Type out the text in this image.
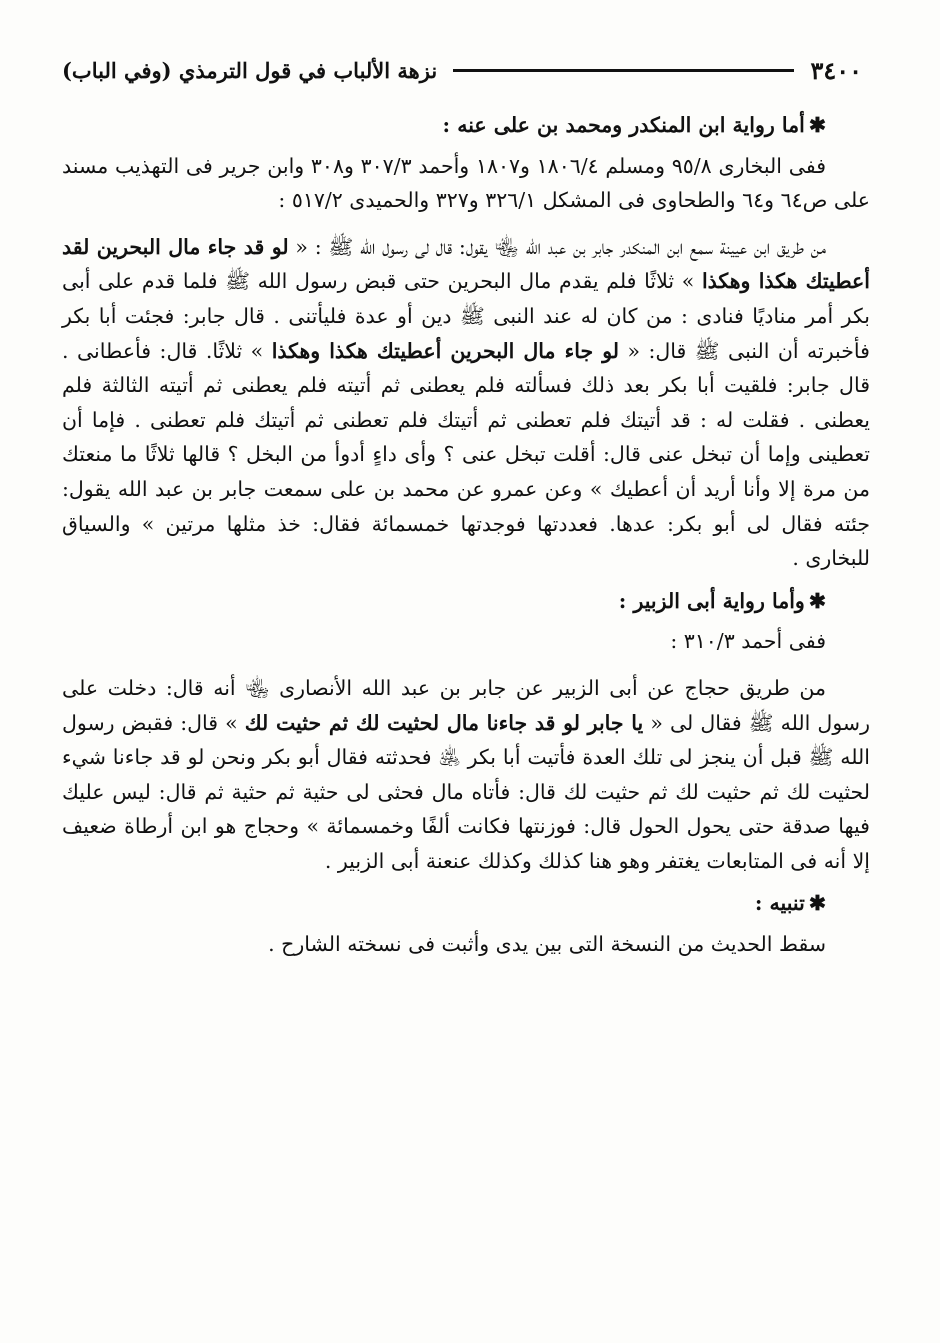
٣٤٠٠
نزهة الألباب في قول الترمذي (وفي الباب)

✱أما رواية ابن المنكدر ومحمد بن على عنه :

ففى البخارى ٩٥/٨ ومسلم ١٨٠٦/٤ و١٨٠٧ وأحمد ٣٠٧/٣ و٣٠٨ وابن جرير فى التهذيب مسند على ص٦٤ و٦٤ والطحاوى فى المشكل ٣٢٦/١ و٣٢٧ والحميدى ٥١٧/٢ :

من طريق ابن عيينة سمع ابن المنكدر جابر بن عبد الله ﵄ يقول: قال لى رسول الله ﷺ : « لو قد جاء مال البحرين لقد أعطيتك هكذا وهكذا » ثلاثًا فلم يقدم مال البحرين حتى قبض رسول الله ﷺ فلما قدم على أبى بكر أمر مناديًا فنادى : من كان له عند النبى ﷺ دين أو عدة فليأتنى . قال جابر: فجئت أبا بكر فأخبرته أن النبى ﷺ قال: « لو جاء مال البحرين أعطيتك هكذا وهكذا » ثلاثًا. قال: فأعطانى . قال جابر: فلقيت أبا بكر بعد ذلك فسألته فلم يعطنى ثم أتيته فلم يعطنى ثم أتيته الثالثة فلم يعطنى . فقلت له : قد أتيتك فلم تعطنى ثم أتيتك فلم تعطنى ثم أتيتك فلم تعطنى . فإما أن تعطينى وإما أن تبخل عنى قال: أقلت تبخل عنى ؟ وأى داءٍ أدوأ من البخل ؟ قالها ثلاثًا ما منعتك من مرة إلا وأنا أريد أن أعطيك » وعن عمرو عن محمد بن على سمعت جابر بن عبد الله يقول: جئته فقال لى أبو بكر: عدها. فعددتها فوجدتها خمسمائة فقال: خذ مثلها مرتين » والسياق للبخارى .

✱وأما رواية أبى الزبير :

ففى أحمد ٣١٠/٣ :

من طريق حجاج عن أبى الزبير عن جابر بن عبد الله الأنصارى ﵄ أنه قال: دخلت على رسول الله ﷺ فقال لى « يا جابر لو قد جاءنا مال لحثيت لك ثم حثيت لك » قال: فقبض رسول الله ﷺ قبل أن ينجز لى تلك العدة فأتيت أبا بكر ﵁ فحدثته فقال أبو بكر ونحن لو قد جاءنا شيء لحثيت لك ثم حثيت لك ثم حثيت لك قال: فأتاه مال فحثى لى حثية ثم حثية ثم قال: ليس عليك فيها صدقة حتى يحول الحول قال: فوزنتها فكانت ألفًا وخمسمائة » وحجاج هو ابن أرطاة ضعيف إلا أنه فى المتابعات يغتفر وهو هنا كذلك وكذلك عنعنة أبى الزبير .

✱تنبيه :

سقط الحديث من النسخة التى بين يدى وأثبت فى نسخته الشارح .
